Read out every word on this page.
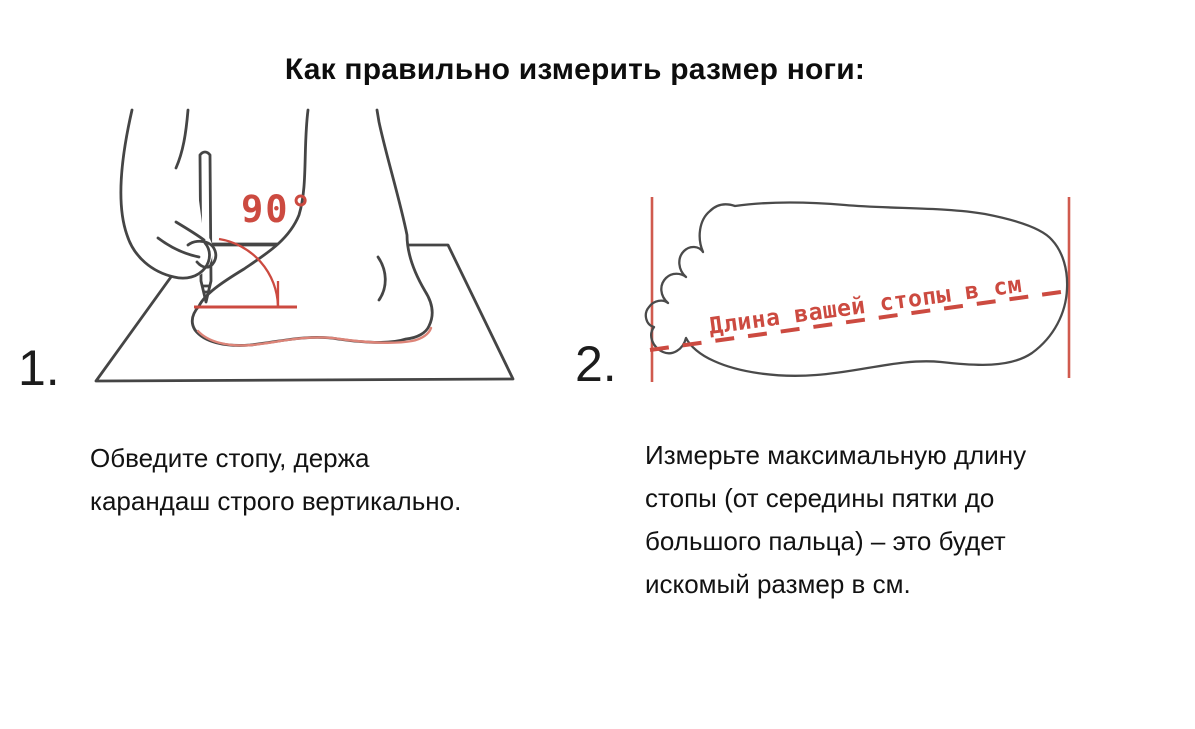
Как правильно измерить размер ноги:
90°
Длина вашей стопы в см
1.	2.
Обведите стопу, держа карандаш строго вертикально.
Измерьте максимальную длину стопы (от середины пятки до большого пальца) – это будет искомый размер в см.
